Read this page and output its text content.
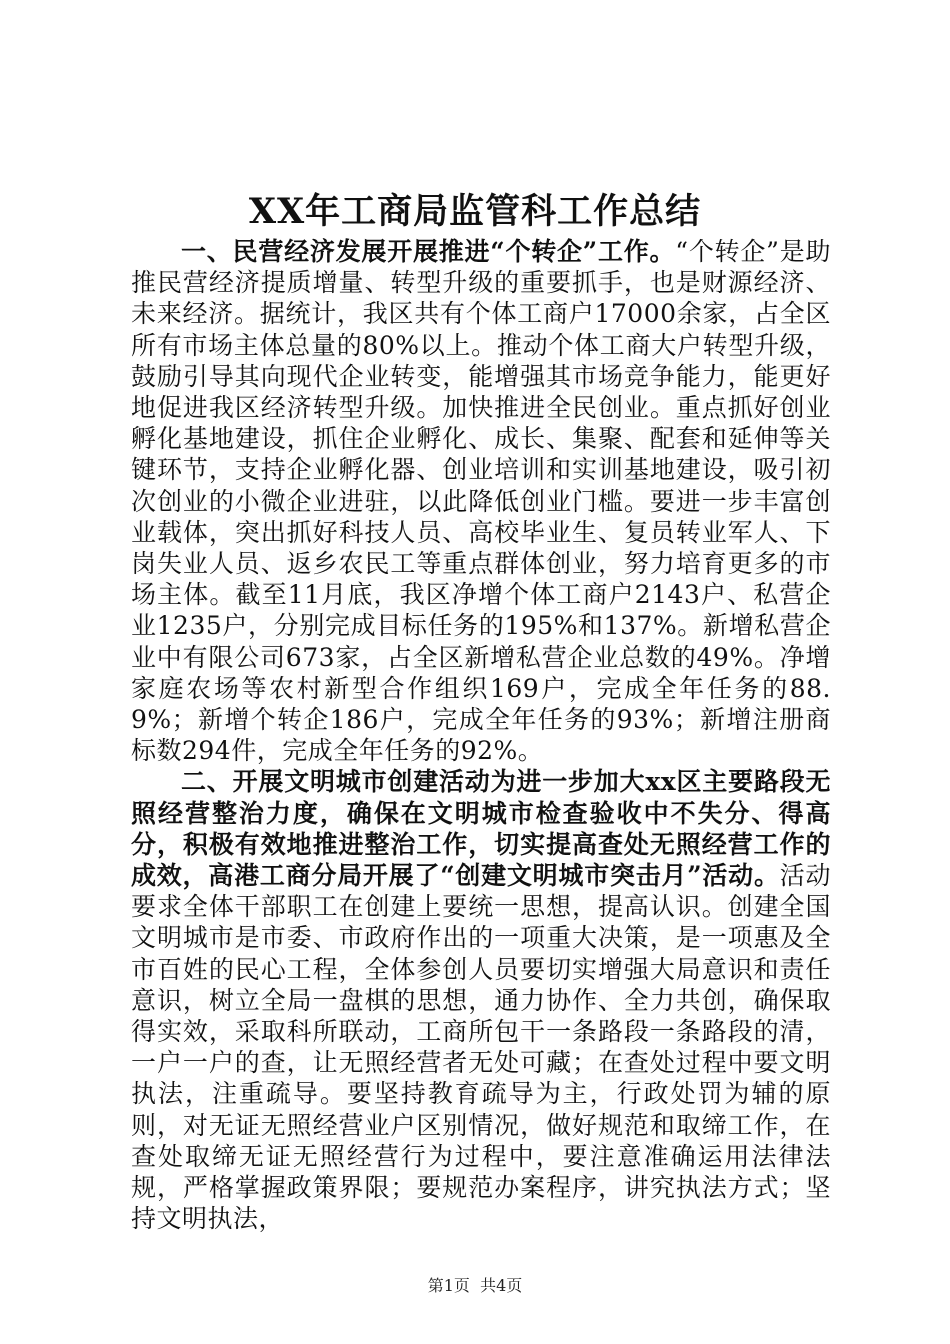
XX年工商局监管科工作总结

一、民营经济发展开展推进“个转企”工作。“个转企”是助推民营经济提质增量、转型升级的重要抓手，也是财源经济、未来经济。据统计，我区共有个体工商户17000余家，占全区所有市场主体总量的80%以上。推动个体工商大户转型升级，鼓励引导其向现代企业转变，能增强其市场竞争能力，能更好地促进我区经济转型升级。加快推进全民创业。重点抓好创业孵化基地建设，抓住企业孵化、成长、集聚、配套和延伸等关键环节，支持企业孵化器、创业培训和实训基地建设，吸引初次创业的小微企业进驻，以此降低创业门槛。要进一步丰富创业载体，突出抓好科技人员、高校毕业生、复员转业军人、下岗失业人员、返乡农民工等重点群体创业，努力培育更多的市场主体。截至11月底，我区净增个体工商户2143户、私营企业1235户，分别完成目标任务的195%和137%。新增私营企业中有限公司673家，占全区新增私营企业总数的49%。净增家庭农场等农村新型合作组织169户，完成全年任务的88.9%；新增个转企186户，完成全年任务的93%；新增注册商标数294件，完成全年任务的92%。

二、开展文明城市创建活动为进一步加大xx区主要路段无照经营整治力度，确保在文明城市检查验收中不失分、得高分，积极有效地推进整治工作，切实提高查处无照经营工作的成效，高港工商分局开展了“创建文明城市突击月”活动。活动要求全体干部职工在创建上要统一思想，提高认识。创建全国文明城市是市委、市政府作出的一项重大决策，是一项惠及全市百姓的民心工程，全体参创人员要切实增强大局意识和责任意识，树立全局一盘棋的思想，通力协作、全力共创，确保取得实效，采取科所联动，工商所包干一条路段一条路段的清，一户一户的查，让无照经营者无处可藏；在查处过程中要文明执法，注重疏导。要坚持教育疏导为主，行政处罚为辅的原则，对无证无照经营业户区别情况，做好规范和取缔工作，在查处取缔无证无照经营行为过程中，要注意准确运用法律法规，严格掌握政策界限；要规范办案程序，讲究执法方式；坚持文明执法，

第1页 共4页
